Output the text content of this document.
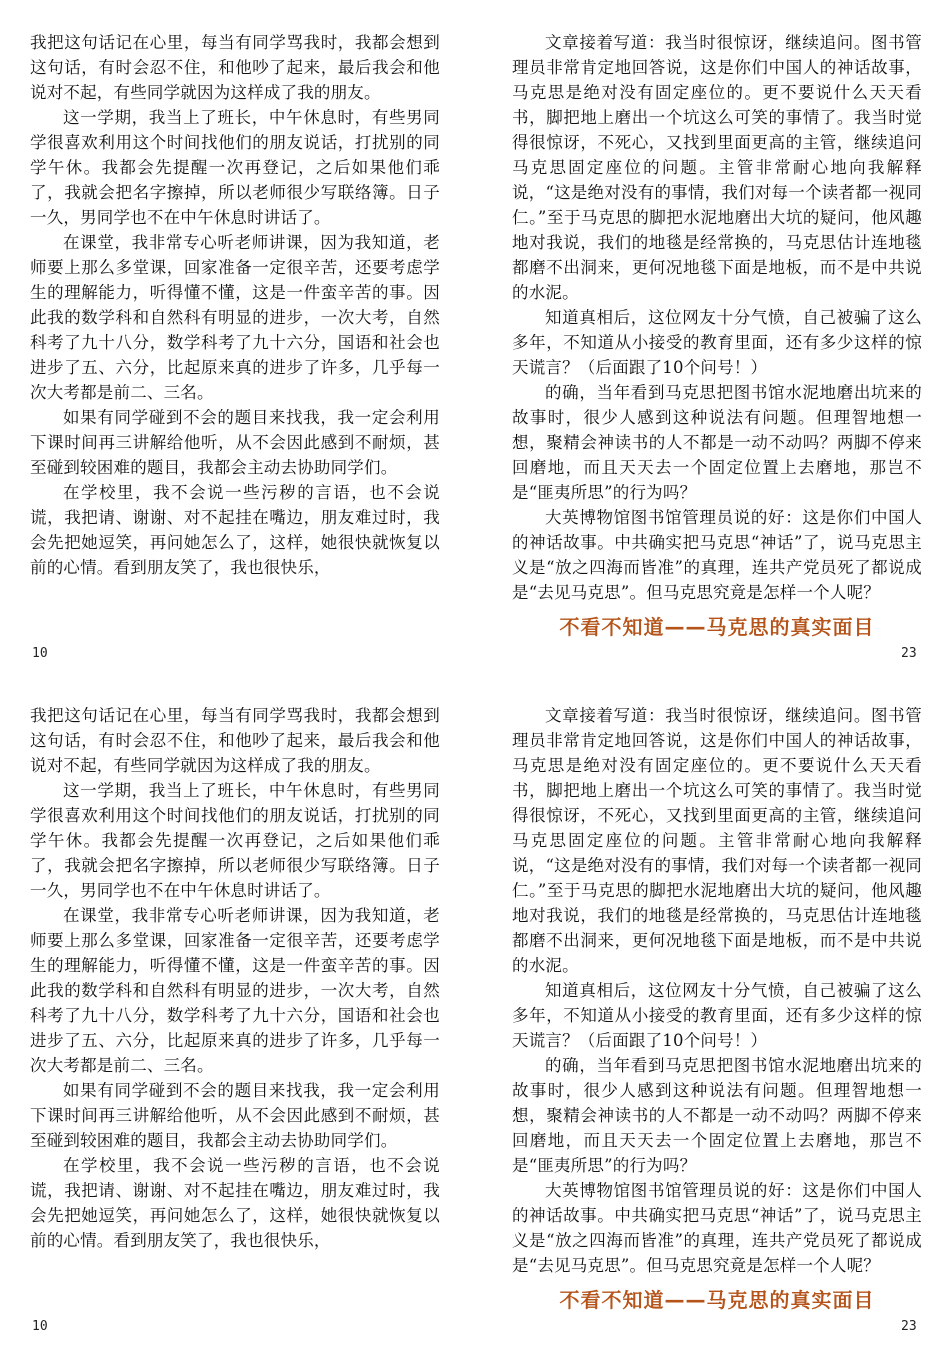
我把这句话记在心里，每当有同学骂我时，我都会想到这句话，有时会忍不住，和他吵了起来，最后我会和他说对不起，有些同学就因为这样成了我的朋友。

这一学期，我当上了班长，中午休息时，有些男同学很喜欢利用这个时间找他们的朋友说话，打扰别的同学午休。我都会先提醒一次再登记，之后如果他们乖了，我就会把名字擦掉，所以老师很少写联络簿。日子一久，男同学也不在中午休息时讲话了。

在课堂，我非常专心听老师讲课，因为我知道，老师要上那么多堂课，回家准备一定很辛苦，还要考虑学生的理解能力，听得懂不懂，这是一件蛮辛苦的事。因此我的数学科和自然科有明显的进步，一次大考，自然科考了九十八分，数学科考了九十六分，国语和社会也进步了五、六分，比起原来真的进步了许多，几乎每一次大考都是前二、三名。

如果有同学碰到不会的题目来找我，我一定会利用下课时间再三讲解给他听，从不会因此感到不耐烦，甚至碰到较困难的题目，我都会主动去协助同学们。

在学校里，我不会说一些污秽的言语，也不会说谎，我把请、谢谢、对不起挂在嘴边，朋友难过时，我会先把她逗笑，再问她怎么了，这样，她很快就恢复以前的心情。看到朋友笑了，我也很快乐，

文章接着写道：我当时很惊讶，继续追问。图书管理员非常肯定地回答说，这是你们中国人的神话故事，马克思是绝对没有固定座位的。更不要说什么天天看书，脚把地上磨出一个坑这么可笑的事情了。我当时觉得很惊讶，不死心，又找到里面更高的主管，继续追问马克思固定座位的问题。主管非常耐心地向我解释说，“这是绝对没有的事情，我们对每一个读者都一视同仁。”至于马克思的脚把水泥地磨出大坑的疑问，他风趣地对我说，我们的地毯是经常换的，马克思估计连地毯都磨不出洞来，更何况地毯下面是地板，而不是中共说的水泥。

知道真相后，这位网友十分气愤，自己被骗了这么多年，不知道从小接受的教育里面，还有多少这样的惊天谎言？（后面跟了10个问号！）

的确，当年看到马克思把图书馆水泥地磨出坑来的故事时，很少人感到这种说法有问题。但理智地想一想，聚精会神读书的人不都是一动不动吗？两脚不停来回磨地，而且天天去一个固定位置上去磨地，那岂不是“匪夷所思”的行为吗？

大英博物馆图书馆管理员说的好：这是你们中国人的神话故事。中共确实把马克思“神话”了，说马克思主义是“放之四海而皆准”的真理，连共产党员死了都说成是“去见马克思”。但马克思究竟是怎样一个人呢？

不看不知道——马克思的真实面目
10	23

我把这句话记在心里，每当有同学骂我时，我都会想到这句话，有时会忍不住，和他吵了起来，最后我会和他说对不起，有些同学就因为这样成了我的朋友。

这一学期，我当上了班长，中午休息时，有些男同学很喜欢利用这个时间找他们的朋友说话，打扰别的同学午休。我都会先提醒一次再登记，之后如果他们乖了，我就会把名字擦掉，所以老师很少写联络簿。日子一久，男同学也不在中午休息时讲话了。

在课堂，我非常专心听老师讲课，因为我知道，老师要上那么多堂课，回家准备一定很辛苦，还要考虑学生的理解能力，听得懂不懂，这是一件蛮辛苦的事。因此我的数学科和自然科有明显的进步，一次大考，自然科考了九十八分，数学科考了九十六分，国语和社会也进步了五、六分，比起原来真的进步了许多，几乎每一次大考都是前二、三名。

如果有同学碰到不会的题目来找我，我一定会利用下课时间再三讲解给他听，从不会因此感到不耐烦，甚至碰到较困难的题目，我都会主动去协助同学们。

在学校里，我不会说一些污秽的言语，也不会说谎，我把请、谢谢、对不起挂在嘴边，朋友难过时，我会先把她逗笑，再问她怎么了，这样，她很快就恢复以前的心情。看到朋友笑了，我也很快乐，

文章接着写道：我当时很惊讶，继续追问。图书管理员非常肯定地回答说，这是你们中国人的神话故事，马克思是绝对没有固定座位的。更不要说什么天天看书，脚把地上磨出一个坑这么可笑的事情了。我当时觉得很惊讶，不死心，又找到里面更高的主管，继续追问马克思固定座位的问题。主管非常耐心地向我解释说，“这是绝对没有的事情，我们对每一个读者都一视同仁。”至于马克思的脚把水泥地磨出大坑的疑问，他风趣地对我说，我们的地毯是经常换的，马克思估计连地毯都磨不出洞来，更何况地毯下面是地板，而不是中共说的水泥。

知道真相后，这位网友十分气愤，自己被骗了这么多年，不知道从小接受的教育里面，还有多少这样的惊天谎言？（后面跟了10个问号！）

的确，当年看到马克思把图书馆水泥地磨出坑来的故事时，很少人感到这种说法有问题。但理智地想一想，聚精会神读书的人不都是一动不动吗？两脚不停来回磨地，而且天天去一个固定位置上去磨地，那岂不是“匪夷所思”的行为吗？

大英博物馆图书馆管理员说的好：这是你们中国人的神话故事。中共确实把马克思“神话”了，说马克思主义是“放之四海而皆准”的真理，连共产党员死了都说成是“去见马克思”。但马克思究竟是怎样一个人呢？

不看不知道——马克思的真实面目
10	23
